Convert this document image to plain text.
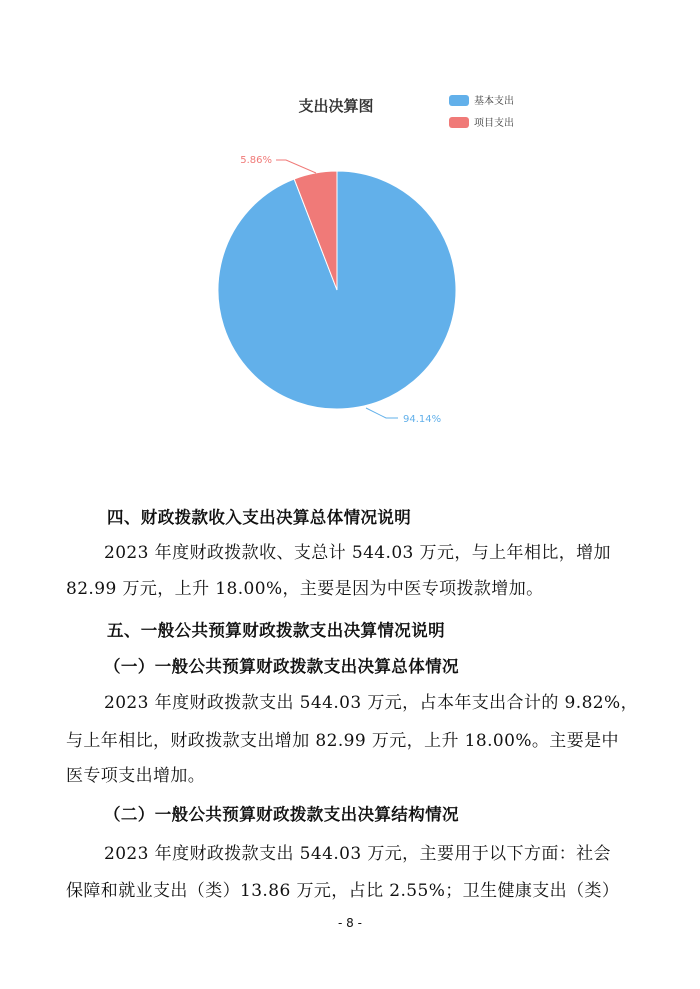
支出决算图	基本支出
项目支出
5.86%
94.14%
四、财政拨款收入支出决算总体情况说明
2023 年度财政拨款收、支总计 544.03 万元，与上年相比，增加
82.99 万元，上升 18.00%，主要是因为中医专项拨款增加。
五、一般公共预算财政拨款支出决算情况说明
（一）一般公共预算财政拨款支出决算总体情况
2023 年度财政拨款支出 544.03 万元，占本年支出合计的 9.82%，
与上年相比，财政拨款支出增加 82.99 万元，上升 18.00%。主要是中
医专项支出增加。
（二）一般公共预算财政拨款支出决算结构情况
2023 年度财政拨款支出 544.03 万元，主要用于以下方面：社会
保障和就业支出（类）13.86 万元，占比 2.55%；卫生健康支出（类）
- 8 -
